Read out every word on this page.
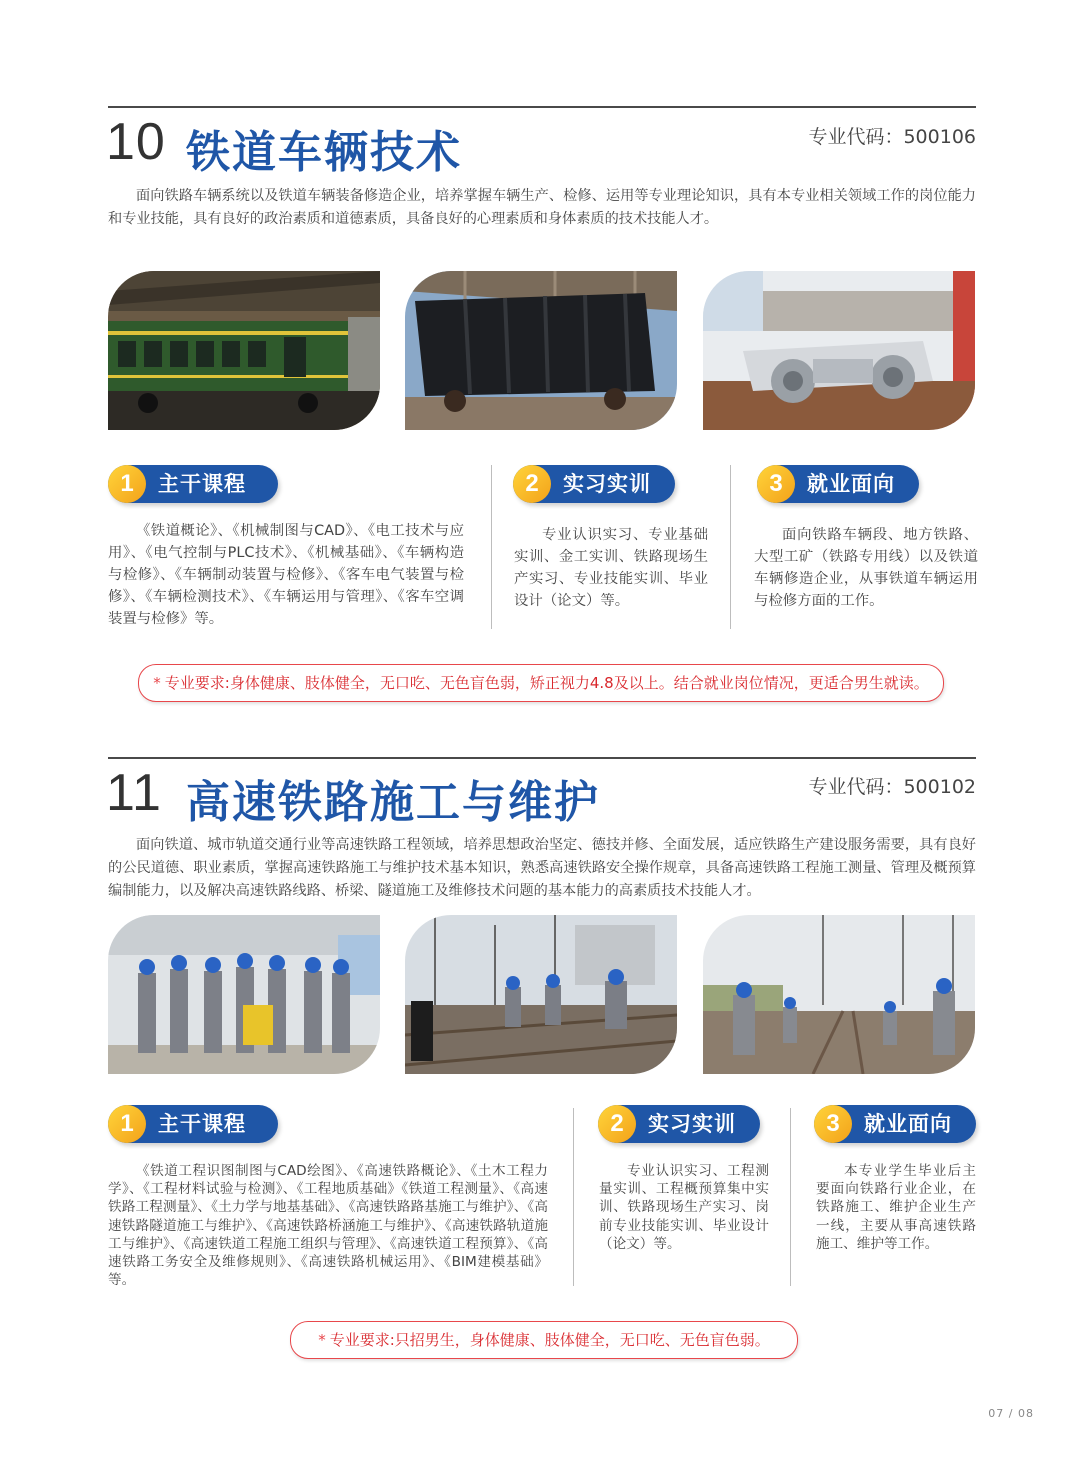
10 铁道车辆技术	专业代码：500106
面向铁路车辆系统以及铁道车辆装备修造企业，培养掌握车辆生产、检修、运用等专业理论知识，具有本专业相关领域工作的岗位能力和专业技能，具有良好的政治素质和道德素质，具备良好的心理素质和身体素质的技术技能人才。
1	主干课程
《铁道概论》、《机械制图与CAD》、《电工技术与应用》、《电气控制与PLC技术》、《机械基础》、《车辆构造与检修》、《车辆制动装置与检修》、《客车电气装置与检修》、《车辆检测技术》、《车辆运用与管理》、《客车空调装置与检修》等。
2	实习实训
专业认识实习、专业基础实训、金工实训、铁路现场生产实习、专业技能实训、毕业设计（论文）等。
3	就业面向
面向铁路车辆段、地方铁路、大型工矿（铁路专用线）以及铁道车辆修造企业，从事铁道车辆运用与检修方面的工作。
* 专业要求:身体健康、肢体健全，无口吃、无色盲色弱，矫正视力4.8及以上。结合就业岗位情况，更适合男生就读。
11 高速铁路施工与维护	专业代码：500102
面向铁道、城市轨道交通行业等高速铁路工程领域，培养思想政治坚定、德技并修、全面发展，适应铁路生产建设服务需要，具有良好的公民道德、职业素质，掌握高速铁路施工与维护技术基本知识，熟悉高速铁路安全操作规章，具备高速铁路工程施工测量、管理及概预算编制能力，以及解决高速铁路线路、桥梁、隧道施工及维修技术问题的基本能力的高素质技术技能人才。
1	主干课程
《铁道工程识图制图与CAD绘图》、《高速铁路概论》、《土木工程力学》、《工程材料试验与检测》、《工程地质基础》《铁道工程测量》、《高速铁路工程测量》、《土力学与地基基础》、《高速铁路路基施工与维护》、《高速铁路隧道施工与维护》、《高速铁路桥涵施工与维护》、《高速铁路轨道施工与维护》、《高速铁道工程施工组织与管理》、《高速铁道工程预算》、《高速铁路工务安全及维修规则》、《高速铁路机械运用》、《BIM建模基础》等。
2	实习实训
专业认识实习、工程测量实训、工程概预算集中实训、铁路现场生产实习、岗前专业技能实训、毕业设计（论文）等。
3	就业面向
本专业学生毕业后主要面向铁路行业企业，在铁路施工、维护企业生产一线，主要从事高速铁路施工、维护等工作。
* 专业要求:只招男生，身体健康、肢体健全，无口吃、无色盲色弱。
07 / 08
